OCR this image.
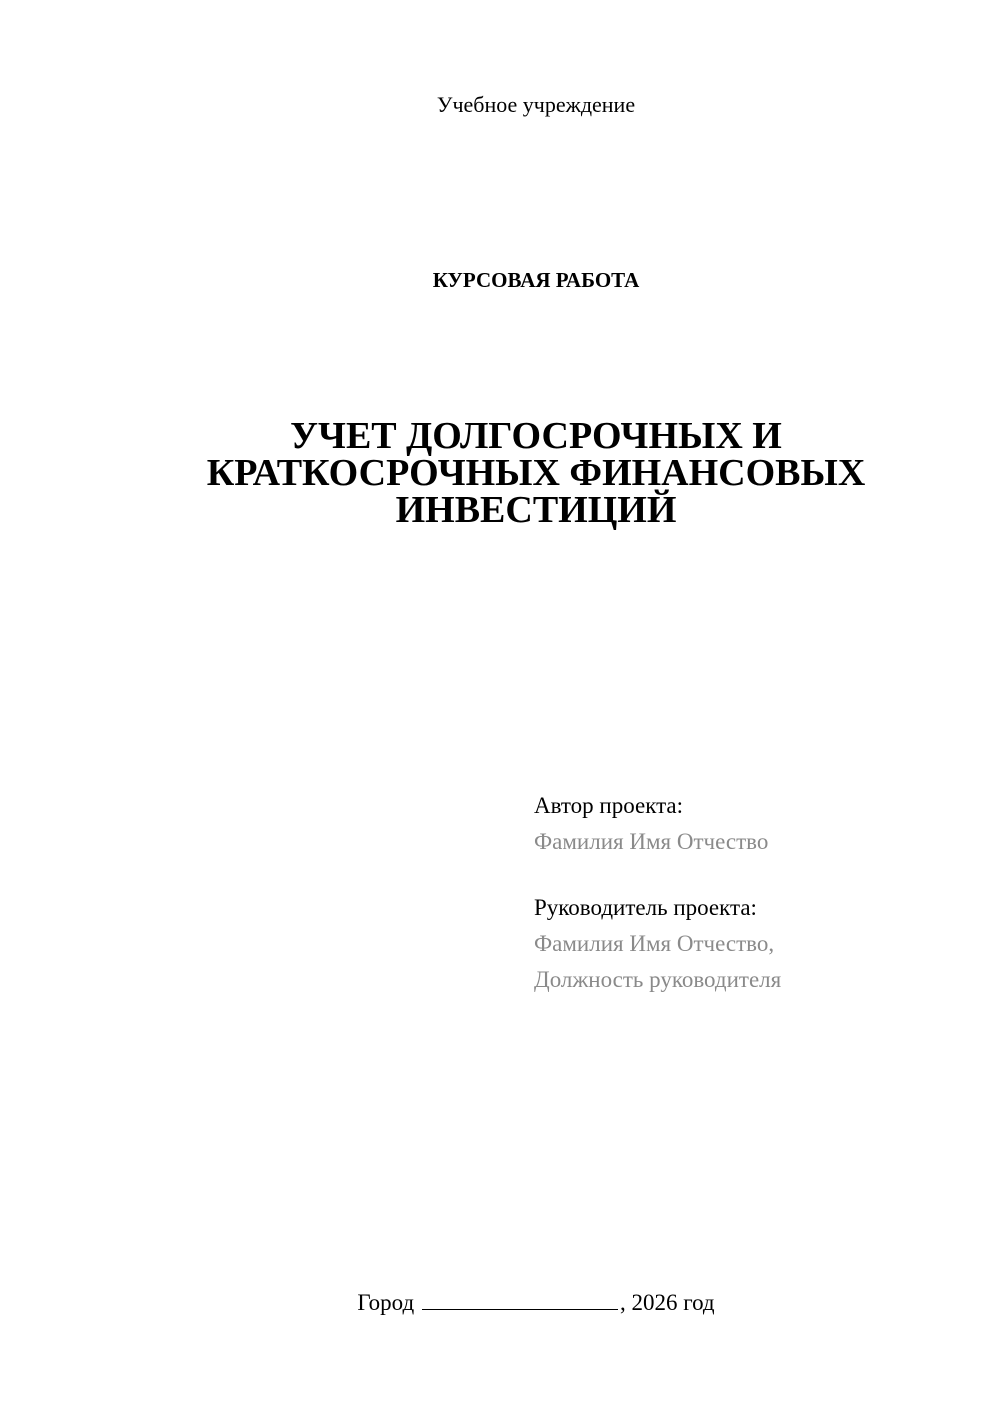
Учебное учреждение
КУРСОВАЯ РАБОТА
УЧЕТ ДОЛГОСРОЧНЫХ И
КРАТКОСРОЧНЫХ ФИНАНСОВЫХ
ИНВЕСТИЦИЙ
Автор проекта:
Фамилия Имя Отчество
Руководитель проекта:
Фамилия Имя Отчество,
Должность руководителя
Город	, 2026 год
